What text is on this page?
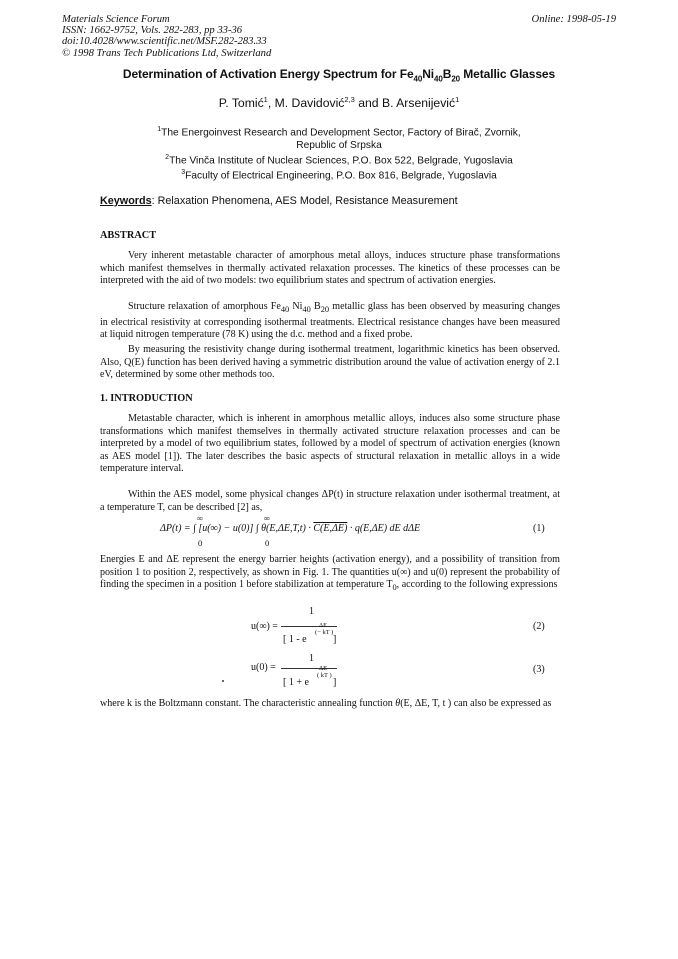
Materials Science Forum
ISSN: 1662-9752, Vols. 282-283, pp 33-36
doi:10.4028/www.scientific.net/MSF.282-283.33
© 1998 Trans Tech Publications Ltd, Switzerland
Online: 1998-05-19
Determination of Activation Energy Spectrum for $Fe_{40}Ni_{40}B_{20}$ Metallic Glasses
P. Tomić$^1$, M. Davidović$^{2,3}$ and B. Arsenijević$^1$
$^1$The Energoinvest Research and Development Sector, Factory of Birač, Zvornik,
Republic of Srpska
$^2$The Vinča Institute of Nuclear Sciences, P.O. Box 522, Belgrade, Yugoslavia
$^3$Faculty of Electrical Engineering, P.O. Box 816, Belgrade, Yugoslavia
Keywords: Relaxation Phenomena, AES Model, Resistance Measurement
ABSTRACT
Very inherent metastable character of amorphous metal alloys, induces structure phase transformations which manifest themselves in thermally activated relaxation processes. The kinetics of these processes can be interpreted with the aid of two models: two equilibrium states and spectrum of activation energies.
Structure relaxation of amorphous $Fe_{40}$ $Ni_{40}$ $B_{20}$ metallic glass has been observed by measuring changes in electrical resistivity at corresponding isothermal treatments. Electrical resistance changes have been measured at liquid nitrogen temperature (78 K) using the d.c. method and a fixed probe.
By measuring the resistivity change during isothermal treatment, logarithmic kinetics has been observed. Also, Q(E) function has been derived having a symmetric distribution around the value of activation energy of 2.1 eV, determined by some other methods too.
1. INTRODUCTION
Metastable character, which is inherent in amorphous metallic alloys, induces also some structure phase transformations which manifest themselves in thermally activated structure relaxation processes and can be interpreted by a model of two equilibrium states, followed by a model of spectrum of activation energies (known as AES model [1]). The later describes the basic aspects of structural relaxation in metallic alloys in a wide temperature interval.
Within the AES model, some physical changes ΔP(t) in structure relaxation under isothermal treatment, at a temperature T, can be described [2] as,
∞	∞
ΔP(t) = ∫ [u(∞) − u(0)] ∫ θ(E,ΔE,T,t) · C(E,ΔE) · q(E,ΔE) dE dΔE
0	0
(1)
Energies E and ΔE represent the energy barrier heights (activation energy), and a possibility of transition from position 1 to position 2, respectively, as shown in Fig. 1. The quantities u(∞) and u(0) represent the probability of finding the specimen in a position 1 before stabilization at temperature $T_0$, according to the following expressions
u(∞) =
1
[ 1 - e
ΔE
(− kT )
]
(2)
u(0) =
1
[ 1 + e
ΔE
( kT )
]
(3)
where k is the Boltzmann constant. The characteristic annealing function θ(E, ΔE, T, t ) can also be expressed as
